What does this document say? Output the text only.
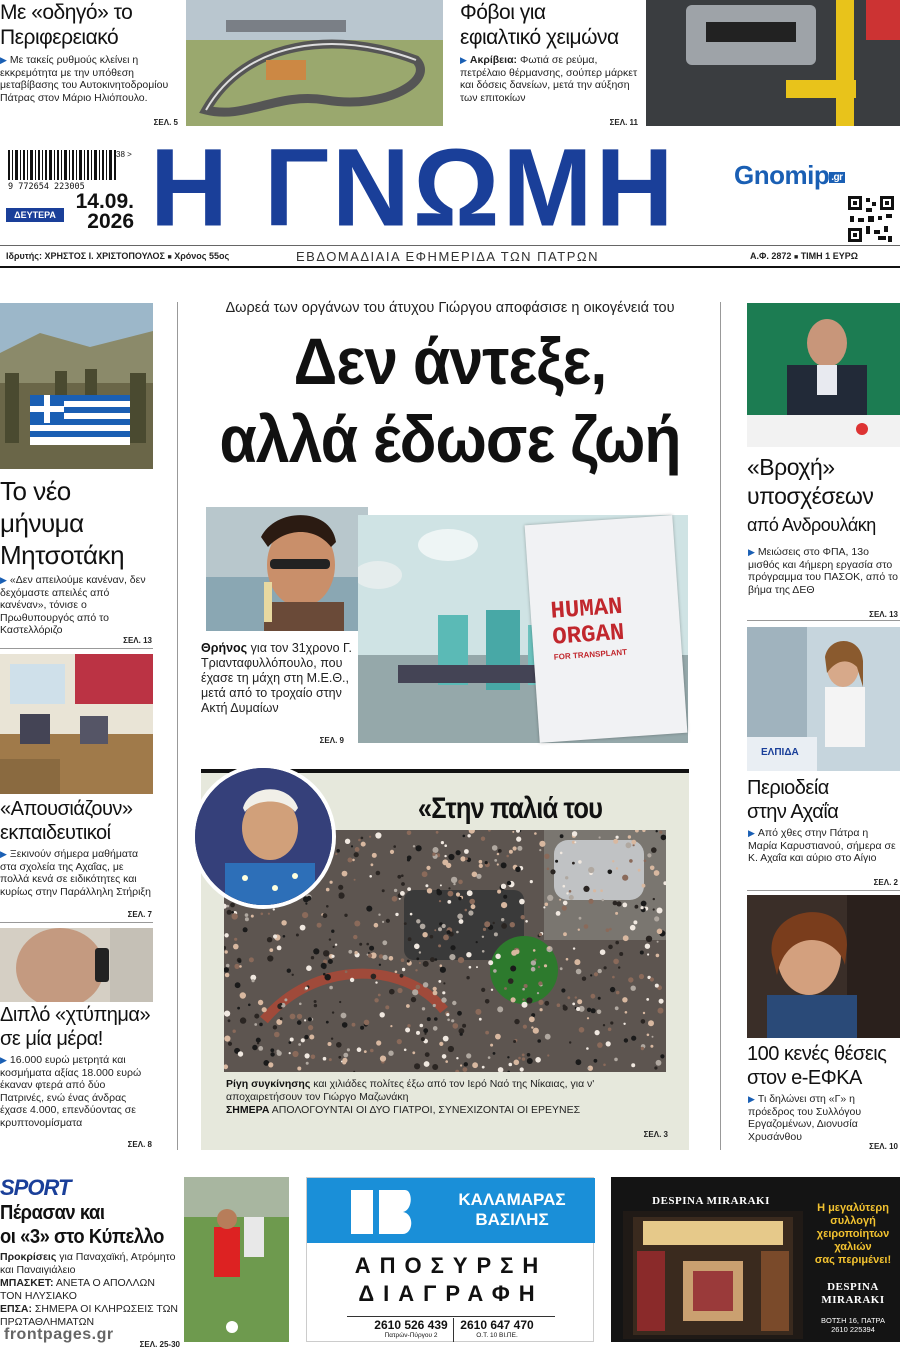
Με «οδηγό» το
Περιφερειακό
▶ Με τακείς ρυθμούς κλείνει η εκκρεμότητα με την υπόθεση μεταβίβασης του Αυτοκινητοδρομίου Πάτρας στον Μάριο Ηλιόπουλο.
ΣΕΛ. 5
Φόβοι για
εφιαλτικό χειμώνα
▶ Ακρίβεια: Φωτιά σε ρεύμα, πετρέλαιο θέρμανσης, σούπερ μάρκετ και δόσεις δανείων, μετά την αύξηση των επιτοκίων
ΣΕΛ. 11
38 >
9 772654 223005
ΔΕΥΤΕΡΑ
14.09.
2026 Η ΓΝΩΜΗ	Gnomip .gr
Ιδρυτής: ΧΡΗΣΤΟΣ Ι. ΧΡΙΣΤΟΠΟΥΛΟΣ ■ Χρόνος 55ος	ΕΒΔΟΜΑΔΙΑΙΑ ΕΦΗΜΕΡΙΔΑ ΤΩΝ ΠΑΤΡΩΝ	Α.Φ. 2872 ■ ΤΙΜΗ 1 ΕΥΡΩ
Το νέο
μήνυμα
Μητσοτάκη
▶ «Δεν απειλούμε κανέναν, δεν δεχόμαστε απειλές από κανέναν», τόνισε ο Πρωθυπουργός από το Καστελλόριζο
ΣΕΛ. 13
«Απουσιάζουν»
εκπαιδευτικοί
▶ Ξεκινούν σήμερα μαθήματα στα σχολεία της Αχαΐας, με πολλά κενά σε ειδικότητες και κυρίως στην Παράλληλη Στήριξη
ΣΕΛ. 7
Διπλό «χτύπημα»
σε μία μέρα!
▶ 16.000 ευρώ μετρητά και κοσμήματα αξίας 18.000 ευρώ έκαναν φτερά από δύο Πατρινές, ενώ ένας άνδρας έχασε 4.000, επενδύοντας σε κρυπτονομίσματα
ΣΕΛ. 8
Δωρεά των οργάνων του άτυχου Γιώργου αποφάσισε η οικογένειά του
Δεν άντεξε,
αλλά έδωσε ζωή
Θρήνος για τον 31χρονο Γ. Τριανταφυλλόπουλο, που έχασε τη μάχη στη Μ.Ε.Θ., μετά από το τροχαίο στην Ακτή Δυμαίων
ΣΕΛ. 9
HUMAN
ORGAN
FOR TRANSPLANT
«Στην παλιά του
Ρίγη συγκίνησης και χιλιάδες πολίτες έξω από τον Ιερό Ναό της Νίκαιας, για ν' αποχαιρετήσουν τον Γιώργο Μαζωνάκη
ΣΗΜΕΡΑ ΑΠΟΛΟΓΟΥΝΤΑΙ ΟΙ ΔΥΟ ΓΙΑΤΡΟΙ, ΣΥΝΕΧΙΖΟΝΤΑΙ ΟΙ ΕΡΕΥΝΕΣ
ΣΕΛ. 3
«Βροχή»
υποσχέσεων
από Ανδρουλάκη
▶ Μειώσεις στο ΦΠΑ, 13ο μισθός και 4ήμερη εργασία στο πρόγραμμα του ΠΑΣΟΚ, από το βήμα της ΔΕΘ
ΣΕΛ. 13
ΕΛΠΙΔΑ
Περιοδεία
στην Αχαΐα
▶ Από χθες στην Πάτρα η Μαρία Καρυστιανού, σήμερα σε Κ. Αχαΐα και αύριο στο Αίγιο
ΣΕΛ. 2
100 κενές θέσεις
στον e-ΕΦΚΑ
▶ Τι δηλώνει στη «Γ» η πρόεδρος του Συλλόγου Εργαζομένων, Διονυσία Χρυσάνθου
ΣΕΛ. 10
SPORT
Πέρασαν και
οι «3» στο Κύπελλο
Προκρίσεις για Παναχαϊκή, Ατρόμητο και Παναιγιάλειο
ΜΠΑΣΚΕΤ: ΑΝΕΤΑ Ο ΑΠΟΛΛΩΝ ΤΟΝ ΗΛΥΣΙΑΚΟ
ΕΠΣΑ: ΣΗΜΕΡΑ ΟΙ ΚΛΗΡΩΣΕΙΣ ΤΩΝ ΠΡΩΤΑΘΛΗΜΑΤΩΝ
ΣΕΛ. 25-30
ΚΑΛΑΜΑΡΑΣ
ΒΑΣΙΛΗΣ
ΑΠΟΣΥΡΣΗ
ΔΙΑΓΡΑΦΗ
2610 526 439
Πατρών-Πύργου 2
2610 647 470
Ο.Τ. 10 ΒΙ.ΠΕ.
DESPINA MIRARAKI
Η μεγαλύτερη
συλλογή
χειροποίητων
χαλιών
σας περιμένει!
DESPINA
MIRARAKI
ΒΟΤΣΗ 16, ΠΑΤΡΑ
2610 225394
frontpages.gr
